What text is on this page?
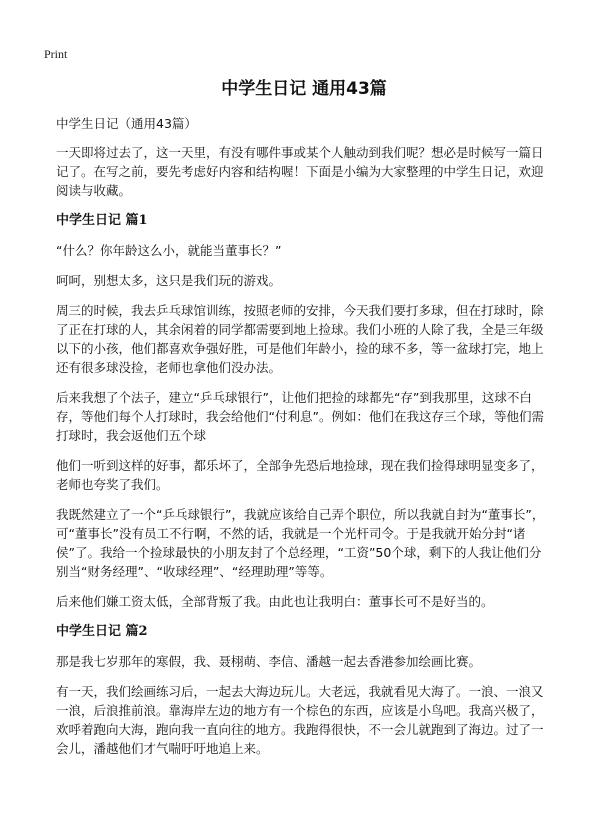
Print
中学生日记 通用43篇
中学生日记（通用43篇）

一天即将过去了，这一天里，有没有哪件事或某个人触动到我们呢？想必是时候写一篇日记了。在写之前，要先考虑好内容和结构喔！下面是小编为大家整理的中学生日记，欢迎阅读与收藏。

中学生日记 篇1

“什么？你年龄这么小，就能当董事长？”

呵呵，别想太多，这只是我们玩的游戏。

周三的时候，我去乒乓球馆训练，按照老师的安排，今天我们要打多球，但在打球时，除了正在打球的人，其余闲着的同学都需要到地上捡球。我们小班的人除了我，全是三年级以下的小孩，他们都喜欢争强好胜，可是他们年龄小，捡的球不多，等一盆球打完，地上还有很多球没捡，老师也拿他们没办法。

后来我想了个法子，建立“乒乓球银行”，让他们把捡的球都先“存”到我那里，这球不白存，等他们每个人打球时，我会给他们“付利息”。例如：他们在我这存三个球，等他们需打球时，我会返他们五个球

他们一听到这样的好事，都乐坏了，全部争先恐后地捡球，现在我们捡得球明显变多了，老师也夸奖了我们。

我既然建立了一个“乒乓球银行”，我就应该给自己弄个职位，所以我就自封为“董事长”，可“董事长”没有员工不行啊，不然的话，我就是一个光杆司令。于是我就开始分封“诸侯”了。我给一个捡球最快的小朋友封了个总经理，“工资”50个球，剩下的人我让他们分别当“财务经理”、“收球经理”、“经理助理”等等。

后来他们嫌工资太低，全部背叛了我。由此也让我明白：董事长可不是好当的。

中学生日记 篇2

那是我七岁那年的寒假，我、聂栩萌、李信、潘越一起去香港参加绘画比赛。

有一天，我们绘画练习后，一起去大海边玩儿。大老远，我就看见大海了。一浪、一浪又一浪，后浪推前浪。靠海岸左边的地方有一个棕色的东西，应该是小鸟吧。我高兴极了，欢呼着跑向大海，跑向我一直向往的地方。我跑得很快，不一会儿就跑到了海边。过了一会儿，潘越他们才气喘吁吁地追上来。
